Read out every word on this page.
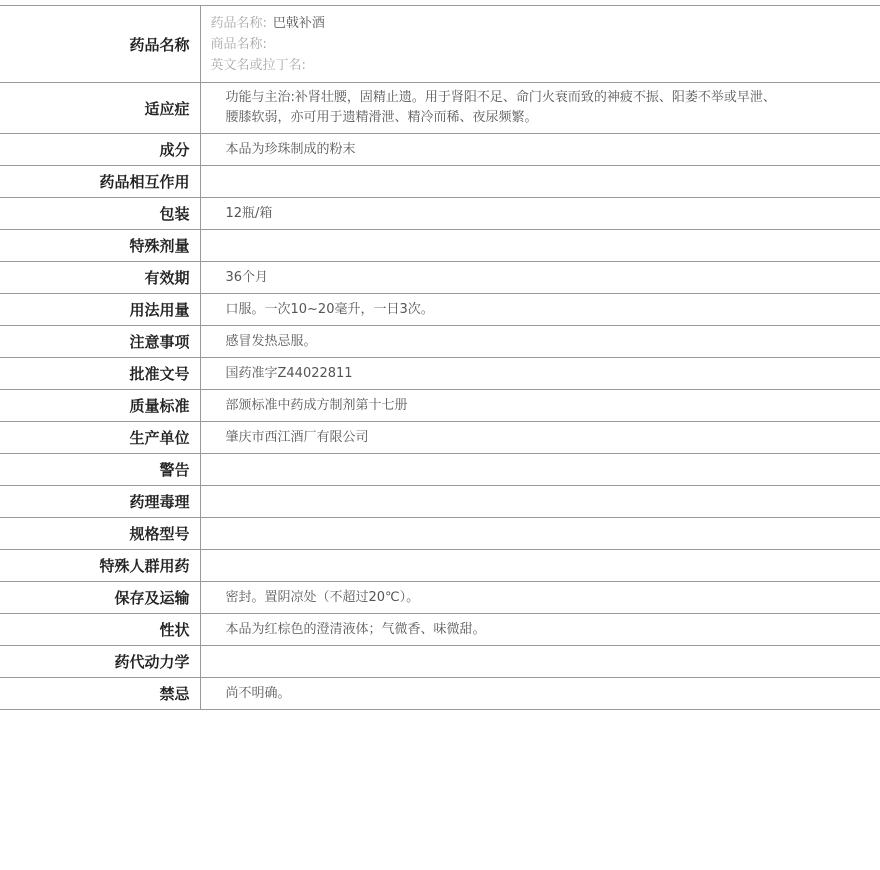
药品名称	药品名称: 巴戟补酒
商品名称:
英文名或拉丁名:

适应症	功能与主治:补肾壮腰，固精止遗。用于肾阳不足、命门火衰而致的神疲不振、阳萎不举或早泄、腰膝软弱，亦可用于遗精滑泄、精冷而稀、夜尿频繁。

成分	本品为珍珠制成的粉末
药品相互作用	
包装	12瓶/箱
特殊剂量	
有效期	36个月
用法用量	口服。一次10~20毫升，一日3次。
注意事项	感冒发热忌服。
批准文号	国药准字Z44022811
质量标准	部颁标准中药成方制剂第十七册
生产单位	肇庆市西江酒厂有限公司
警告	
药理毒理	
规格型号	
特殊人群用药	
保存及运输	密封。置阴凉处（不超过20℃）。
性状	本品为红棕色的澄清液体；气微香、味微甜。
药代动力学	
禁忌	尚不明确。
